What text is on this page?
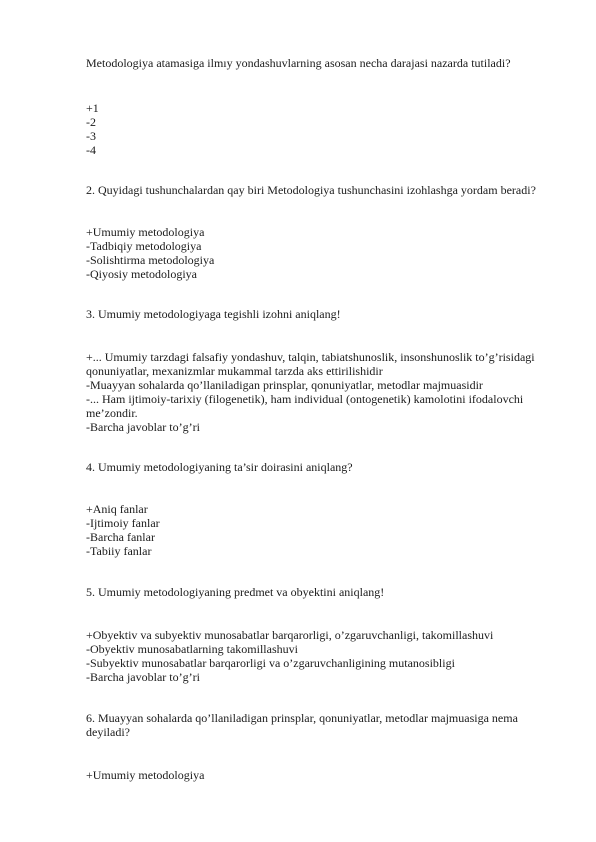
Metodologiya atamasiga ilmıy yondashuvlarning asosan necha darajasi nazarda tutiladi?
+1
-2
-3
-4
2. Quyidagi tushunchalardan qay biri Metodologiya tushunchasini izohlashga yordam beradi?
+Umumiy metodologiya
-Tadbiqiy metodologiya
-Solishtirma metodologiya
-Qiyosiy metodologiya
3. Umumiy metodologiyaga tegishli izohni aniqlang!
+... Umumiy tarzdagi falsafiy yondashuv, talqin, tabiatshunoslik, insonshunoslik to’g’risidagi
qonuniyatlar, mexanizmlar mukammal tarzda aks ettirilishidir
-Muayyan sohalarda qo’llaniladigan prinsplar, qonuniyatlar, metodlar majmuasidir
-... Ham ijtimoiy-tarixiy (filogenetik), ham individual (ontogenetik) kamolotini ifodalovchi
me’zondir.
-Barcha javoblar to’g’ri
4. Umumiy metodologiyaning ta’sir doirasini aniqlang?
+Aniq fanlar
-Ijtimoiy fanlar
-Barcha fanlar
-Tabiiy fanlar
5. Umumiy metodologiyaning predmet va obyektini aniqlang!
+Obyektiv va subyektiv munosabatlar barqarorligi, o’zgaruvchanligi, takomillashuvi
-Obyektiv munosabatlarning takomillashuvi
-Subyektiv munosabatlar barqarorligi va o’zgaruvchanligining mutanosibligi
-Barcha javoblar to’g’ri
6. Muayyan sohalarda qo’llaniladigan prinsplar, qonuniyatlar, metodlar majmuasiga nema
deyiladi?
+Umumiy metodologiya
